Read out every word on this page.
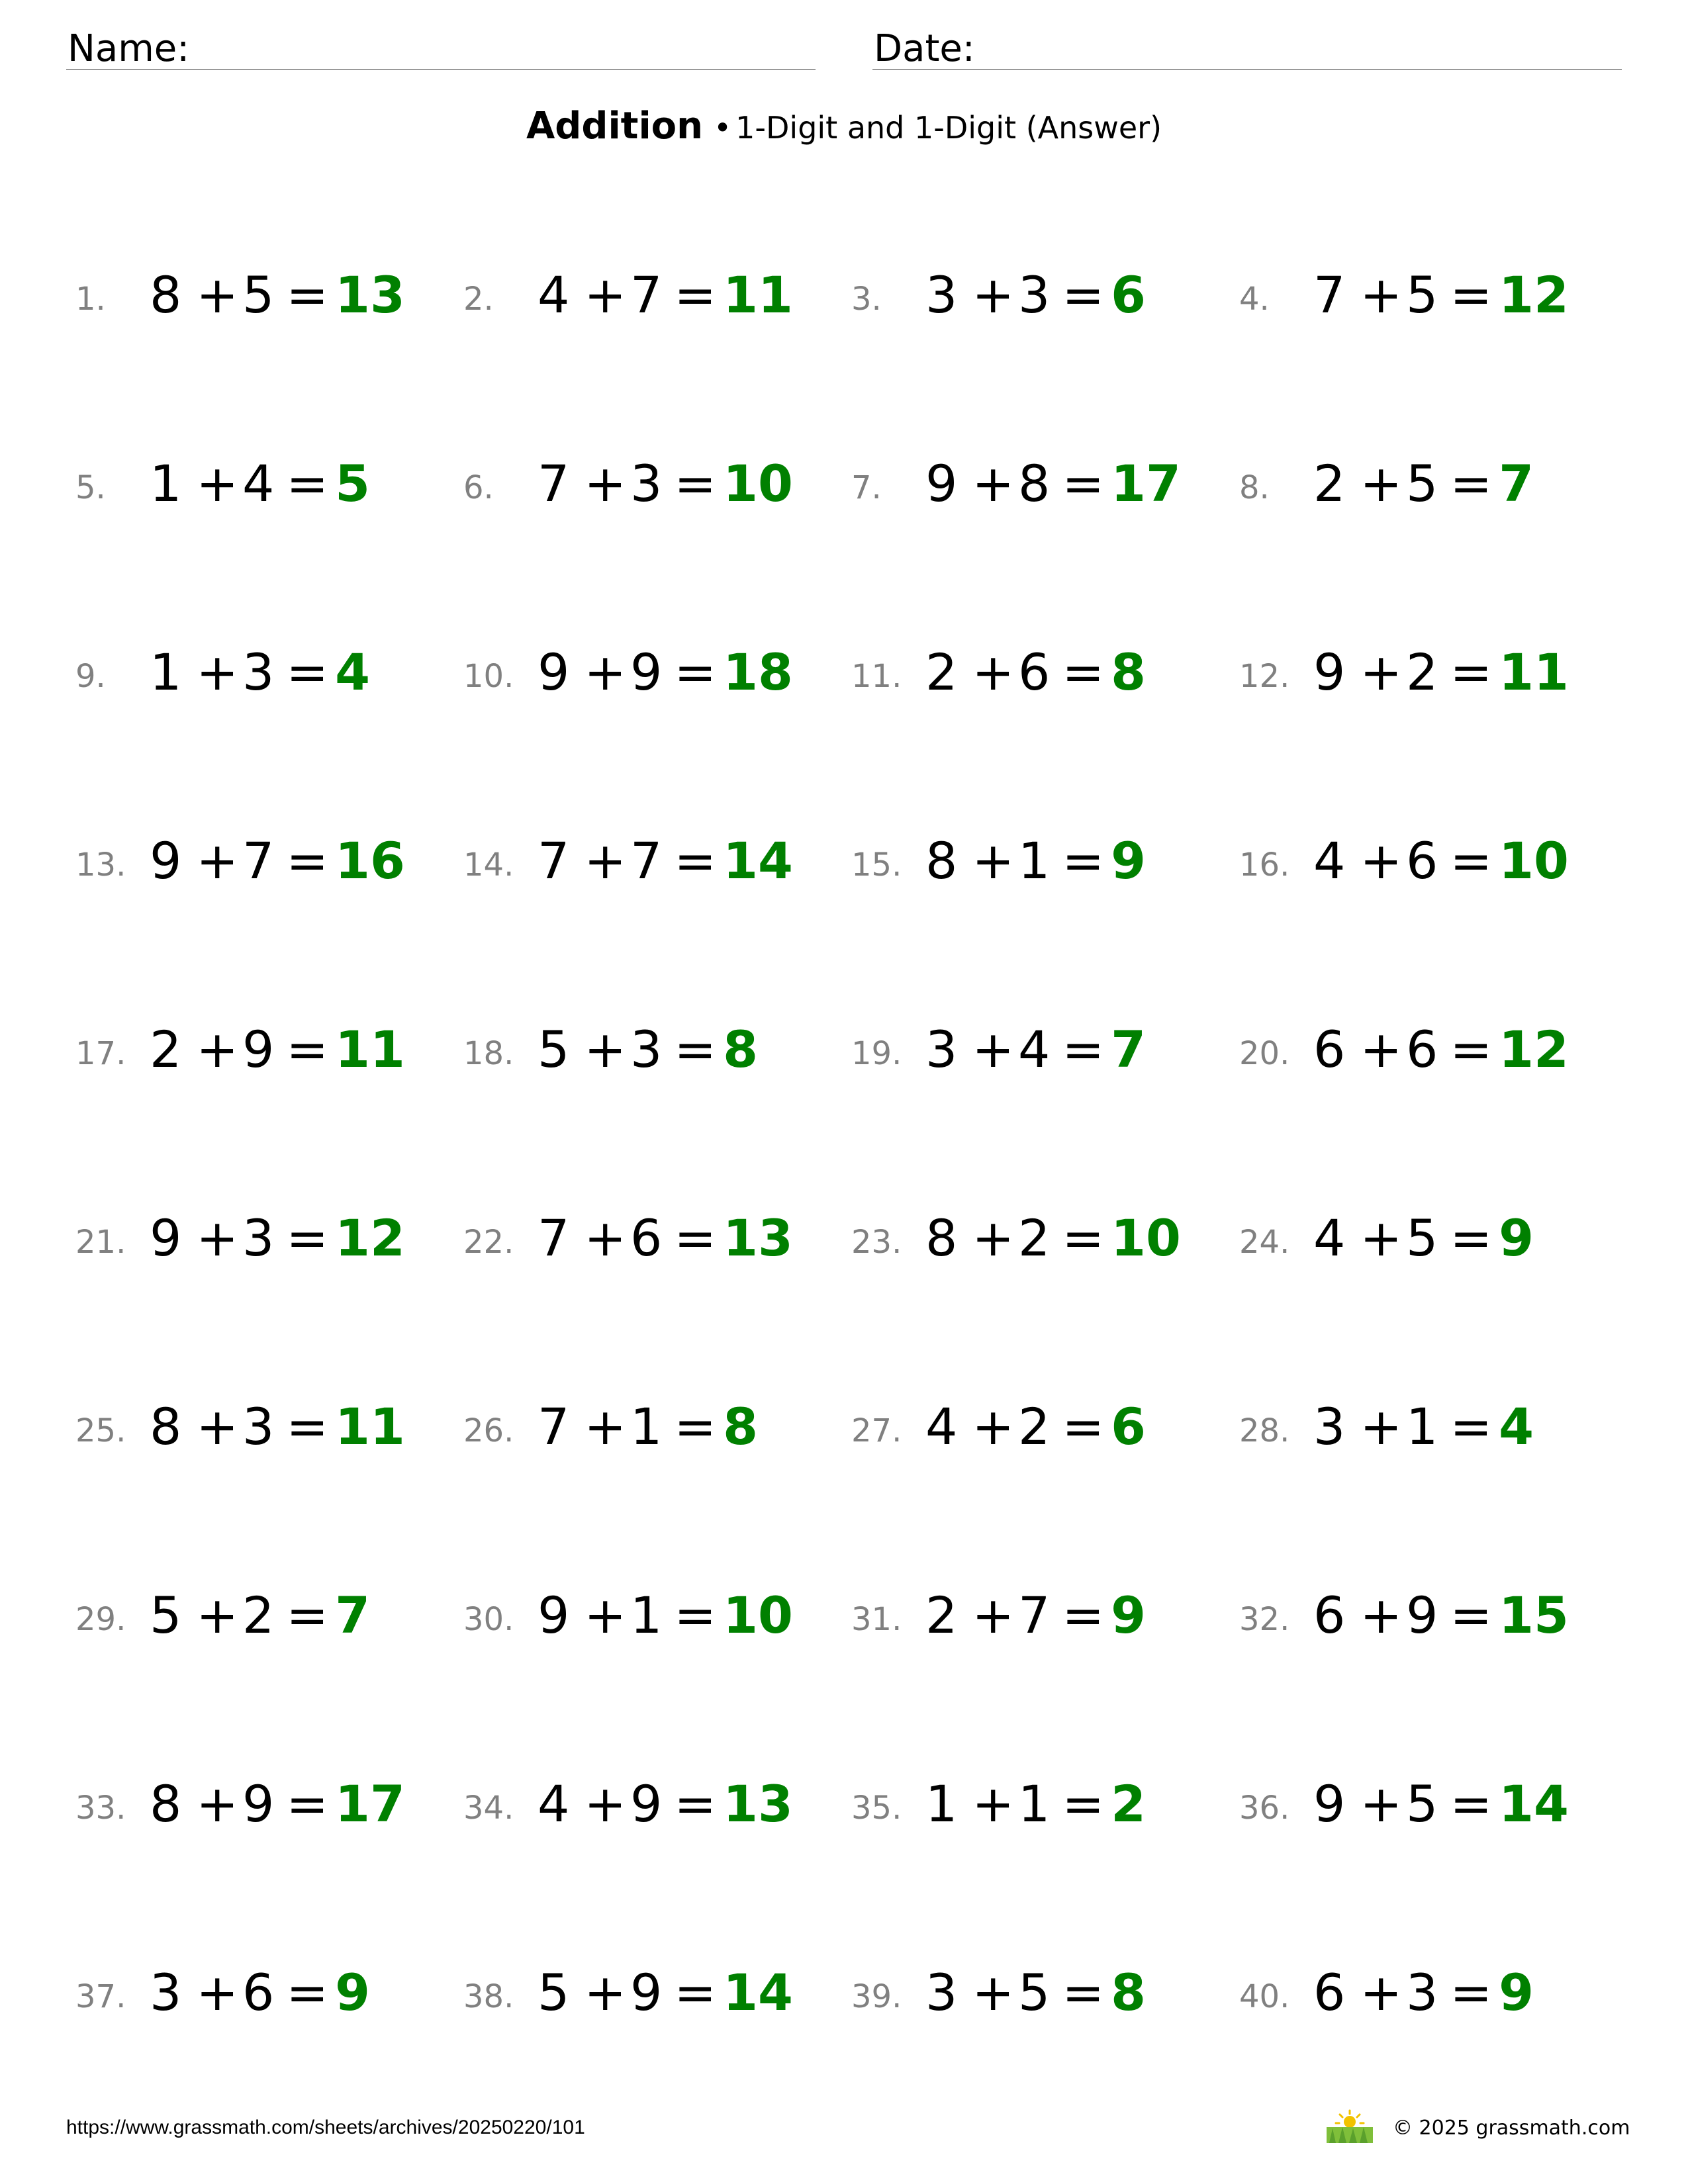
Name:	Date:
Addition • 1-Digit and 1-Digit (Answer)
1. 8 +5 = 13 2. 4 +7 = 11 3. 3 +3 = 6	4. 7 +5 = 12
5. 1 +4 = 5	6. 7 +3 = 10 7. 9 +8 = 17 8. 2 +5 = 7
9. 1 +3 = 4	10. 9 +9 = 18 11. 2 +6 = 8	12. 9 +2 = 11
13. 9 +7 = 16 14. 7 +7 = 14 15. 8 +1 = 9	16. 4 +6 = 10
17. 2 +9 = 11 18. 5 +3 = 8	19. 3 +4 = 7	20. 6 +6 = 12
21. 9 +3 = 12 22. 7 +6 = 13 23. 8 +2 = 10 24. 4 +5 = 9
25. 8 +3 = 11 26. 7 +1 = 8	27. 4 +2 = 6	28. 3 +1 = 4
29. 5 +2 = 7	30. 9 +1 = 10 31. 2 +7 = 9	32. 6 +9 = 15
33. 8 +9 = 17 34. 4 +9 = 13 35. 1 +1 = 2	36. 9 +5 = 14
37. 3 +6 = 9	38. 5 +9 = 14 39. 3 +5 = 8	40. 6 +3 = 9
https://www.grassmath.com/sheets/archives/20250220/101	© 2025 grassmath.com
